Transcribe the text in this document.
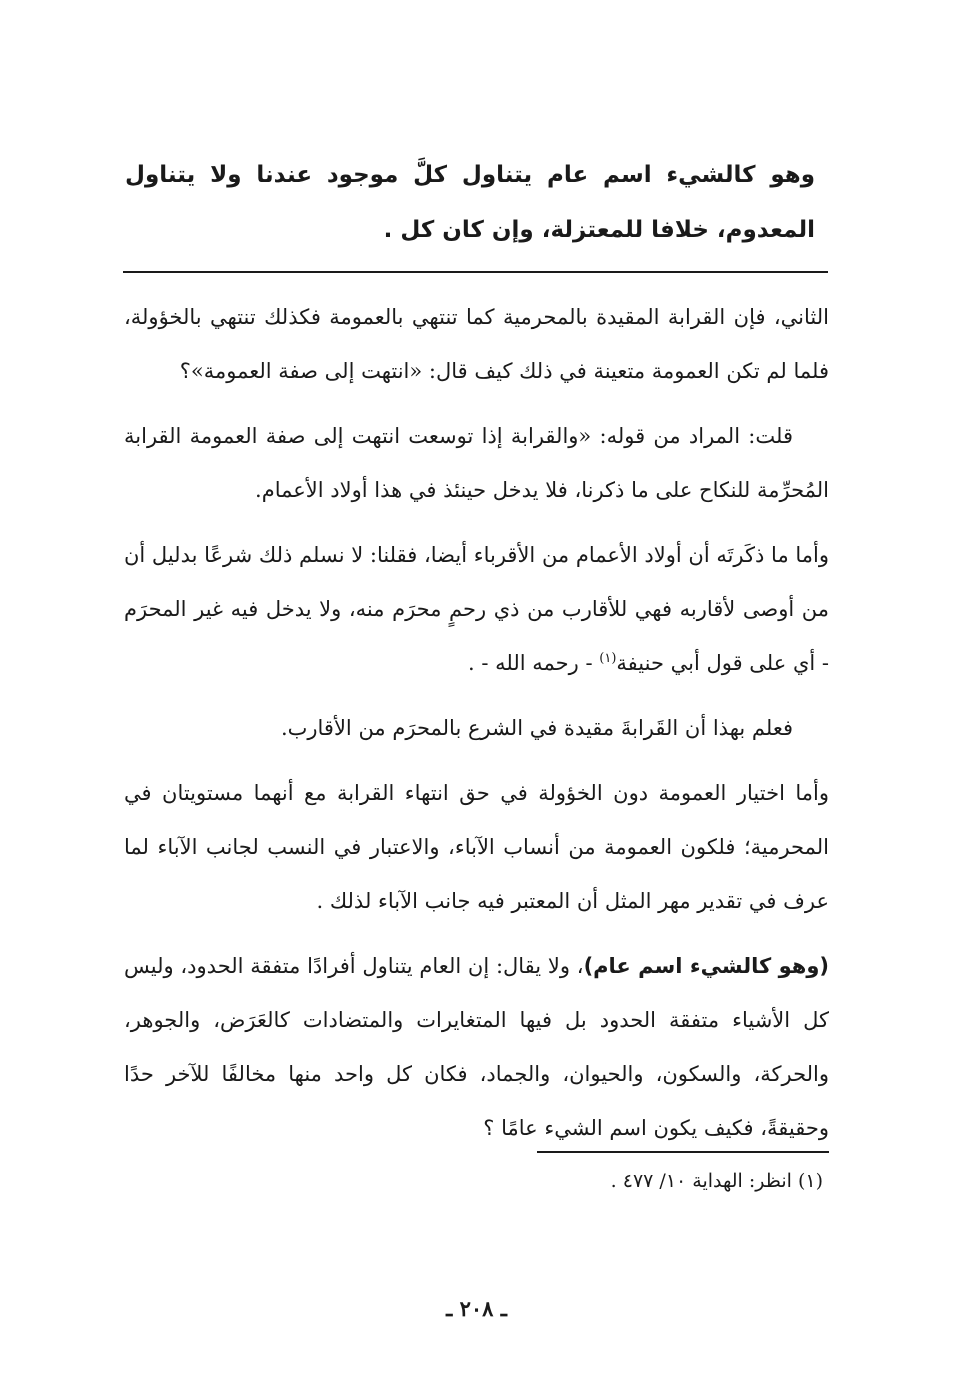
وهو كالشيء اسم عام يتناول كلَّ موجود عندنا ولا يتناول المعدوم، خلافا للمعتزلة، وإن كان كل .

الثاني، فإن القرابة المقيدة بالمحرمية كما تنتهي بالعمومة فكذلك تنتهي بالخؤولة، فلما لم تكن العمومة متعينة في ذلك كيف قال: «انتهت إلى صفة العمومة»؟

قلت: المراد من قوله: «والقرابة إذا توسعت انتهت إلى صفة العمومة القرابة المُحرِّمة للنكاح على ما ذكرنا، فلا يدخل حينئذ في هذا أولاد الأعمام.

وأما ما ذكَرتَه أن أولاد الأعمام من الأقرباء أيضا، فقلنا: لا نسلم ذلك شرعًا بدليل أن من أوصى لأقاربه فهي للأقارب من ذي رحمٍ محرَم منه، ولا يدخل فيه غير المحرَم - أي على قول أبي حنيفة$^{(١)}$ - رحمه الله - .

فعلم بهذا أن القَرابةَ مقيدة في الشرع بالمحرَم من الأقارب.

وأما اختيار العمومة دون الخؤولة في حق انتهاء القرابة مع أنهما مستويتان في المحرمية؛ فلكون العمومة من أنساب الآباء، والاعتبار في النسب لجانب الآباء لما عرف في تقدير مهر المثل أن المعتبر فيه جانب الآباء لذلك .

(وهو كالشيء اسم عام)، ولا يقال: إن العام يتناول أفرادًا متفقة الحدود، وليس كل الأشياء متفقة الحدود بل فيها المتغايرات والمتضادات كالعَرَض، والجوهر، والحركة، والسكون، والحيوان، والجماد، فكان كل واحد منها مخالفًا للآخر حدًا وحقيقةً، فكيف يكون اسم الشيء عامًا ؟

(١) انظر: الهداية ١٠/ ٤٧٧ .

ـ ٢٠٨ ـ
